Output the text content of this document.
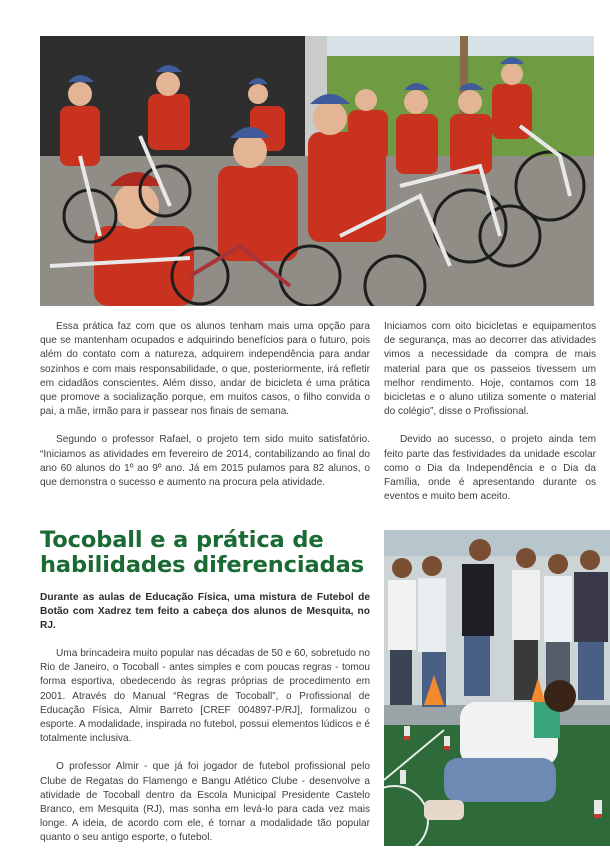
Essa prática faz com que os alunos tenham mais uma opção para que se mantenham ocupados e adquirindo benefícios para o futuro, pois além do contato com a natureza, adquirem independência para andar sozinhos e com mais responsabilidade, o que, posteriormente, irá refletir em cidadãos conscientes. Além disso, andar de bicicleta é uma prática que promove a socialização porque, em muitos casos, o filho convida o pai, a mãe, irmão para ir passear nos finais de semana.

Segundo o professor Rafael, o projeto tem sido muito satisfatório. “Iniciamos as atividades em fevereiro de 2014, contabilizando ao final do ano 60 alunos do 1º ao 9º ano. Já em 2015 pulamos para 82 alunos, o que demonstra o sucesso e aumento na procura pela atividade.

Iniciamos com oito bicicletas e equipamentos de segurança, mas ao decorrer das atividades vimos a necessidade da compra de mais material para que os passeios tivessem um melhor rendimento. Hoje, contamos com 18 bicicletas e o aluno utiliza somente o material do colégio”, disse o Profissional.

Devido ao sucesso, o projeto ainda tem feito parte das festividades da unidade escolar como o Dia da Independência e o Dia da Família, onde é apresentando durante os eventos e muito bem aceito.

Tocoball e a prática de
habilidades diferenciadas

Durante as aulas de Educação Física, uma mistura de Futebol de Botão com Xadrez tem feito a cabeça dos alunos de Mesquita, no RJ.

Uma brincadeira muito popular nas décadas de 50 e 60, sobretudo no Rio de Janeiro, o Tocoball - antes simples e com poucas regras - tomou forma esportiva, obedecendo às regras próprias de procedimento em 2001. Através do Manual “Regras de Tocoball”, o Profissional de Educação Física, Almir Barreto [CREF 004897-P/RJ], formalizou o esporte. A modalidade, inspirada no futebol, possui elementos lúdicos e é totalmente inclusiva.

O professor Almir - que já foi jogador de futebol profissional pelo Clube de Regatas do Flamengo e Bangu Atlético Clube - desenvolve a atividade de Tocoball dentro da Escola Municipal Presidente Castelo Branco, em Mesquita (RJ), mas sonha em levá-lo para cada vez mais longe. A ideia, de acordo com ele, é tornar a modalidade tão popular quanto o seu antigo esporte, o futebol.
